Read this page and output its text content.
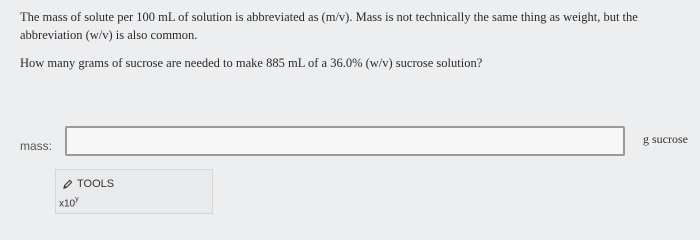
The mass of solute per 100 mL of solution is abbreviated as (m/v). Mass is not technically the same thing as weight, but the abbreviation (w/v) is also common.

How many grams of sucrose are needed to make 885 mL of a 36.0% (w/v) sucrose solution?

mass:	g sucrose
TOOLS
x10$^y$
